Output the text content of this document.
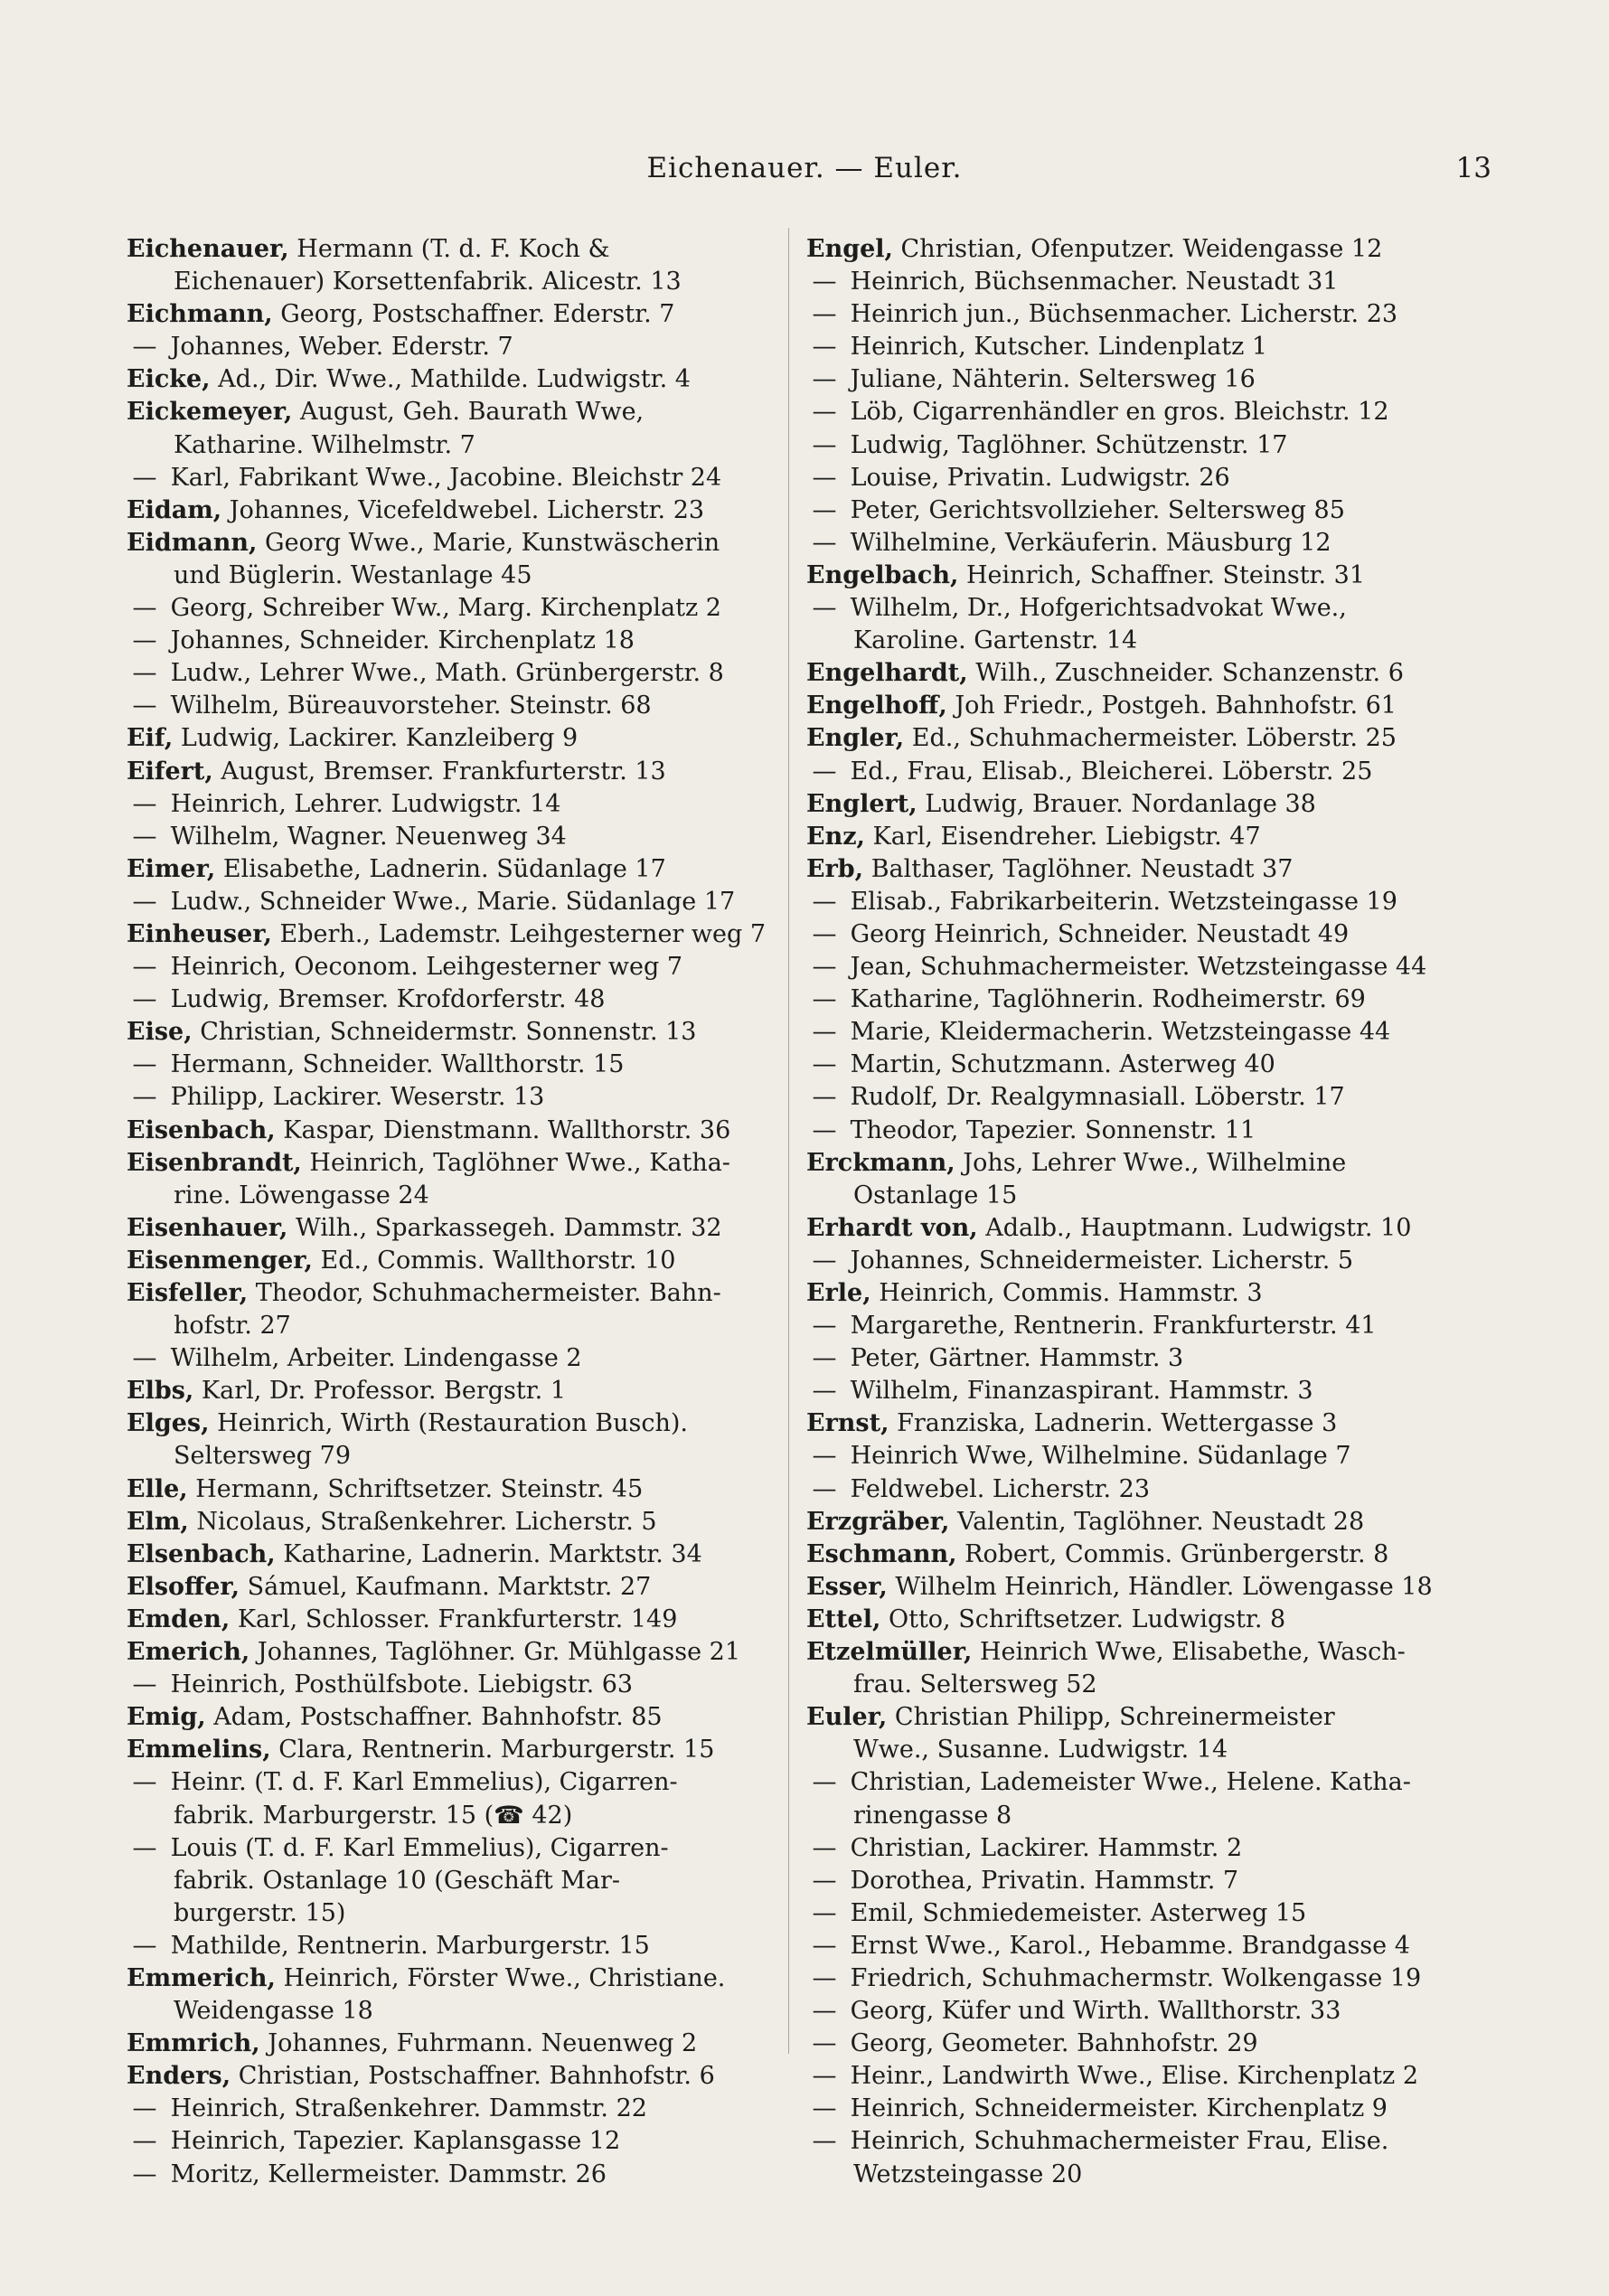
Eichenauer. — Euler.	13
Eichenauer, Hermann (T. d. F. Koch &
Eichenauer) Korsettenfabrik. Alicestr. 13
Eichmann, Georg, Postschaffner. Ederstr. 7
— Johannes, Weber. Ederstr. 7
Eicke, Ad., Dir. Wwe., Mathilde. Ludwigstr. 4
Eickemeyer, August, Geh. Baurath Wwe,
Katharine. Wilhelmstr. 7
— Karl, Fabrikant Wwe., Jacobine. Bleichstr 24
Eidam, Johannes, Vicefeldwebel. Licherstr. 23
Eidmann, Georg Wwe., Marie, Kunstwäscherin
und Büglerin. Westanlage 45
— Georg, Schreiber Ww., Marg. Kirchenplatz 2
— Johannes, Schneider. Kirchenplatz 18
— Ludw., Lehrer Wwe., Math. Grünbergerstr. 8
— Wilhelm, Büreauvorsteher. Steinstr. 68
Eif, Ludwig, Lackirer. Kanzleiberg 9
Eifert, August, Bremser. Frankfurterstr. 13
— Heinrich, Lehrer. Ludwigstr. 14
— Wilhelm, Wagner. Neuenweg 34
Eimer, Elisabethe, Ladnerin. Südanlage 17
— Ludw., Schneider Wwe., Marie. Südanlage 17
Einheuser, Eberh., Lademstr. Leihgesterner weg 7
— Heinrich, Oeconom. Leihgesterner weg 7
— Ludwig, Bremser. Krofdorferstr. 48
Eise, Christian, Schneidermstr. Sonnenstr. 13
— Hermann, Schneider. Wallthorstr. 15
— Philipp, Lackirer. Weserstr. 13
Eisenbach, Kaspar, Dienstmann. Wallthorstr. 36
Eisenbrandt, Heinrich, Taglöhner Wwe., Katha-
rine. Löwengasse 24
Eisenhauer, Wilh., Sparkassegeh. Dammstr. 32
Eisenmenger, Ed., Commis. Wallthorstr. 10
Eisfeller, Theodor, Schuhmachermeister. Bahn-
hofstr. 27
— Wilhelm, Arbeiter. Lindengasse 2
Elbs, Karl, Dr. Professor. Bergstr. 1
Elges, Heinrich, Wirth (Restauration Busch).
Seltersweg 79
Elle, Hermann, Schriftsetzer. Steinstr. 45
Elm, Nicolaus, Straßenkehrer. Licherstr. 5
Elsenbach, Katharine, Ladnerin. Marktstr. 34
Elsoffer, Sámuel, Kaufmann. Marktstr. 27
Emden, Karl, Schlosser. Frankfurterstr. 149
Emerich, Johannes, Taglöhner. Gr. Mühlgasse 21
— Heinrich, Posthülfsbote. Liebigstr. 63
Emig, Adam, Postschaffner. Bahnhofstr. 85
Emmelins, Clara, Rentnerin. Marburgerstr. 15
— Heinr. (T. d. F. Karl Emmelius), Cigarren-
fabrik. Marburgerstr. 15 (☎ 42)
— Louis (T. d. F. Karl Emmelius), Cigarren-
fabrik. Ostanlage 10 (Geschäft Mar-
burgerstr. 15)
— Mathilde, Rentnerin. Marburgerstr. 15
Emmerich, Heinrich, Förster Wwe., Christiane.
Weidengasse 18
Emmrich, Johannes, Fuhrmann. Neuenweg 2
Enders, Christian, Postschaffner. Bahnhofstr. 6
— Heinrich, Straßenkehrer. Dammstr. 22
— Heinrich, Tapezier. Kaplansgasse 12
— Moritz, Kellermeister. Dammstr. 26
Engel, Christian, Ofenputzer. Weidengasse 12
— Heinrich, Büchsenmacher. Neustadt 31
— Heinrich jun., Büchsenmacher. Licherstr. 23
— Heinrich, Kutscher. Lindenplatz 1
— Juliane, Nähterin. Seltersweg 16
— Löb, Cigarrenhändler en gros. Bleichstr. 12
— Ludwig, Taglöhner. Schützenstr. 17
— Louise, Privatin. Ludwigstr. 26
— Peter, Gerichtsvollzieher. Seltersweg 85
— Wilhelmine, Verkäuferin. Mäusburg 12
Engelbach, Heinrich, Schaffner. Steinstr. 31
— Wilhelm, Dr., Hofgerichtsadvokat Wwe.,
Karoline. Gartenstr. 14
Engelhardt, Wilh., Zuschneider. Schanzenstr. 6
Engelhoff, Joh Friedr., Postgeh. Bahnhofstr. 61
Engler, Ed., Schuhmachermeister. Löberstr. 25
— Ed., Frau, Elisab., Bleicherei. Löberstr. 25
Englert, Ludwig, Brauer. Nordanlage 38
Enz, Karl, Eisendreher. Liebigstr. 47
Erb, Balthaser, Taglöhner. Neustadt 37
— Elisab., Fabrikarbeiterin. Wetzsteingasse 19
— Georg Heinrich, Schneider. Neustadt 49
— Jean, Schuhmachermeister. Wetzsteingasse 44
— Katharine, Taglöhnerin. Rodheimerstr. 69
— Marie, Kleidermacherin. Wetzsteingasse 44
— Martin, Schutzmann. Asterweg 40
— Rudolf, Dr. Realgymnasiall. Löberstr. 17
— Theodor, Tapezier. Sonnenstr. 11
Erckmann, Johs, Lehrer Wwe., Wilhelmine
Ostanlage 15
Erhardt von, Adalb., Hauptmann. Ludwigstr. 10
— Johannes, Schneidermeister. Licherstr. 5
Erle, Heinrich, Commis. Hammstr. 3
— Margarethe, Rentnerin. Frankfurterstr. 41
— Peter, Gärtner. Hammstr. 3
— Wilhelm, Finanzaspirant. Hammstr. 3
Ernst, Franziska, Ladnerin. Wettergasse 3
— Heinrich Wwe, Wilhelmine. Südanlage 7
— Feldwebel. Licherstr. 23
Erzgräber, Valentin, Taglöhner. Neustadt 28
Eschmann, Robert, Commis. Grünbergerstr. 8
Esser, Wilhelm Heinrich, Händler. Löwengasse 18
Ettel, Otto, Schriftsetzer. Ludwigstr. 8
Etzelmüller, Heinrich Wwe, Elisabethe, Wasch-
frau. Seltersweg 52
Euler, Christian Philipp, Schreinermeister
Wwe., Susanne. Ludwigstr. 14
— Christian, Lademeister Wwe., Helene. Katha-
rinengasse 8
— Christian, Lackirer. Hammstr. 2
— Dorothea, Privatin. Hammstr. 7
— Emil, Schmiedemeister. Asterweg 15
— Ernst Wwe., Karol., Hebamme. Brandgasse 4
— Friedrich, Schuhmachermstr. Wolkengasse 19
— Georg, Küfer und Wirth. Wallthorstr. 33
— Georg, Geometer. Bahnhofstr. 29
— Heinr., Landwirth Wwe., Elise. Kirchenplatz 2
— Heinrich, Schneidermeister. Kirchenplatz 9
— Heinrich, Schuhmachermeister Frau, Elise.
Wetzsteingasse 20
